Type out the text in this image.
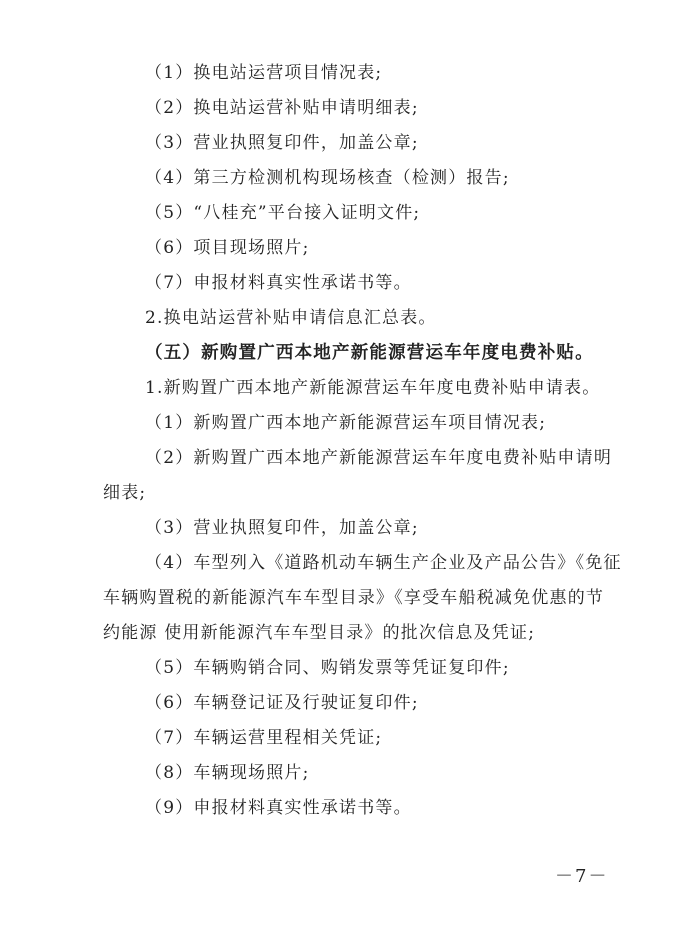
（1）换电站运营项目情况表;
（2）换电站运营补贴申请明细表;
（3）营业执照复印件，加盖公章;
（4）第三方检测机构现场核查（检测）报告;
（5）“八桂充”平台接入证明文件;
（6）项目现场照片;
（7）申报材料真实性承诺书等。
2.换电站运营补贴申请信息汇总表。
（五）新购置广西本地产新能源营运车年度电费补贴。
1.新购置广西本地产新能源营运车年度电费补贴申请表。
（1）新购置广西本地产新能源营运车项目情况表;
（2）新购置广西本地产新能源营运车年度电费补贴申请明
细表;
（3）营业执照复印件，加盖公章;
（4）车型列入《道路机动车辆生产企业及产品公告》《免征
车辆购置税的新能源汽车车型目录》《享受车船税减免优惠的节
约能源 使用新能源汽车车型目录》的批次信息及凭证;
（5）车辆购销合同、购销发票等凭证复印件;
（6）车辆登记证及行驶证复印件;
（7）车辆运营里程相关凭证;
（8）车辆现场照片;
（9）申报材料真实性承诺书等。
－7－
